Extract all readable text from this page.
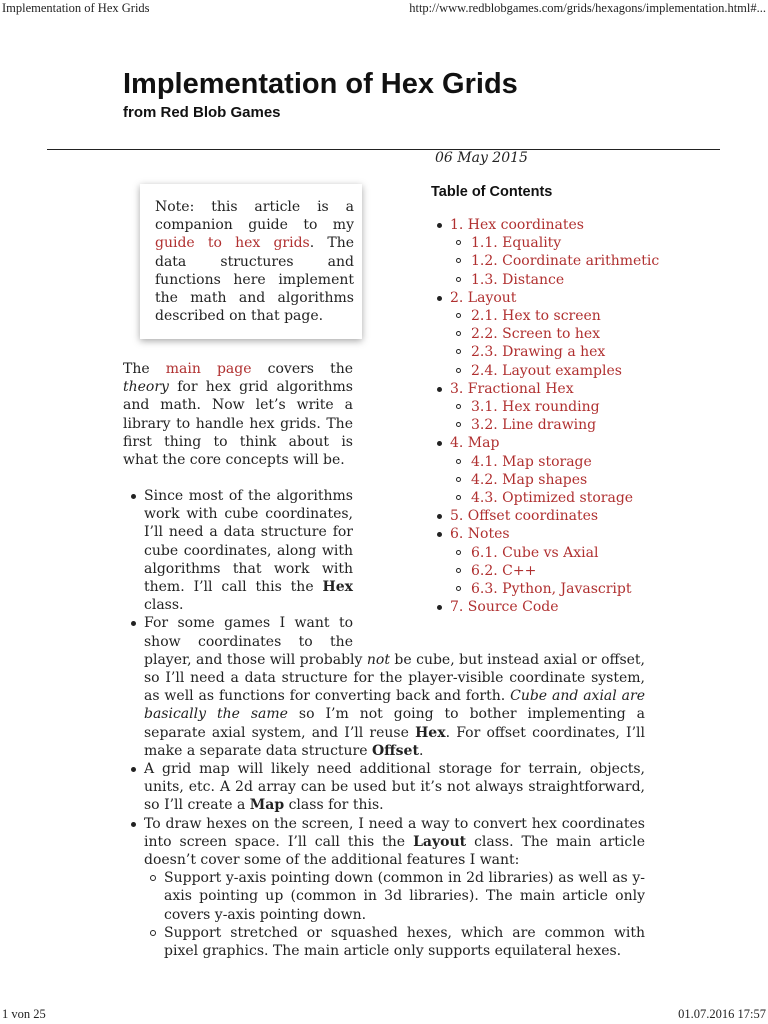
Implementation of Hex Grids	http://www.redblobgames.com/grids/hexagons/implementation.html#...
Implementation of Hex Grids
from Red Blob Games
06 May 2015
Note: this article is a companion guide to my guide to hex grids. The data structures and functions here implement the math and algorithms described on that page.
The main page covers the theory for hex grid algorithms and math. Now let’s write a library to handle hex grids. The first thing to think about is what the core concepts will be.
Table of Contents
1. Hex coordinates
1.1. Equality
1.2. Coordinate arithmetic
1.3. Distance
2. Layout
2.1. Hex to screen
2.2. Screen to hex
2.3. Drawing a hex
2.4. Layout examples
3. Fractional Hex
3.1. Hex rounding
3.2. Line drawing
4. Map
4.1. Map storage
4.2. Map shapes
4.3. Optimized storage
5. Offset coordinates
6. Notes
6.1. Cube vs Axial
6.2. C++
6.3. Python, Javascript
7. Source Code
Since most of the algorithms work with cube coordinates, I’ll need a data structure for cube coordinates, along with algorithms that work with them. I’ll call this the Hex class.
For some games I want to show coordinates to the
player, and those will probably not be cube, but instead axial or offset, so I’ll need a data structure for the player-visible coordinate system, as well as functions for converting back and forth. Cube and axial are basically the same so I’m not going to bother implementing a separate axial system, and I’ll reuse Hex. For offset coordinates, I’ll make a separate data structure Offset.
A grid map will likely need additional storage for terrain, objects, units, etc. A 2d array can be used but it’s not always straightforward, so I’ll create a Map class for this.
To draw hexes on the screen, I need a way to convert hex coordinates into screen space. I’ll call this the Layout class. The main article doesn’t cover some of the additional features I want:
Support y-axis pointing down (common in 2d libraries) as well as y-axis pointing up (common in 3d libraries). The main article only covers y-axis pointing down.
Support stretched or squashed hexes, which are common with pixel graphics. The main article only supports equilateral hexes.
1 von 25	01.07.2016 17:57
